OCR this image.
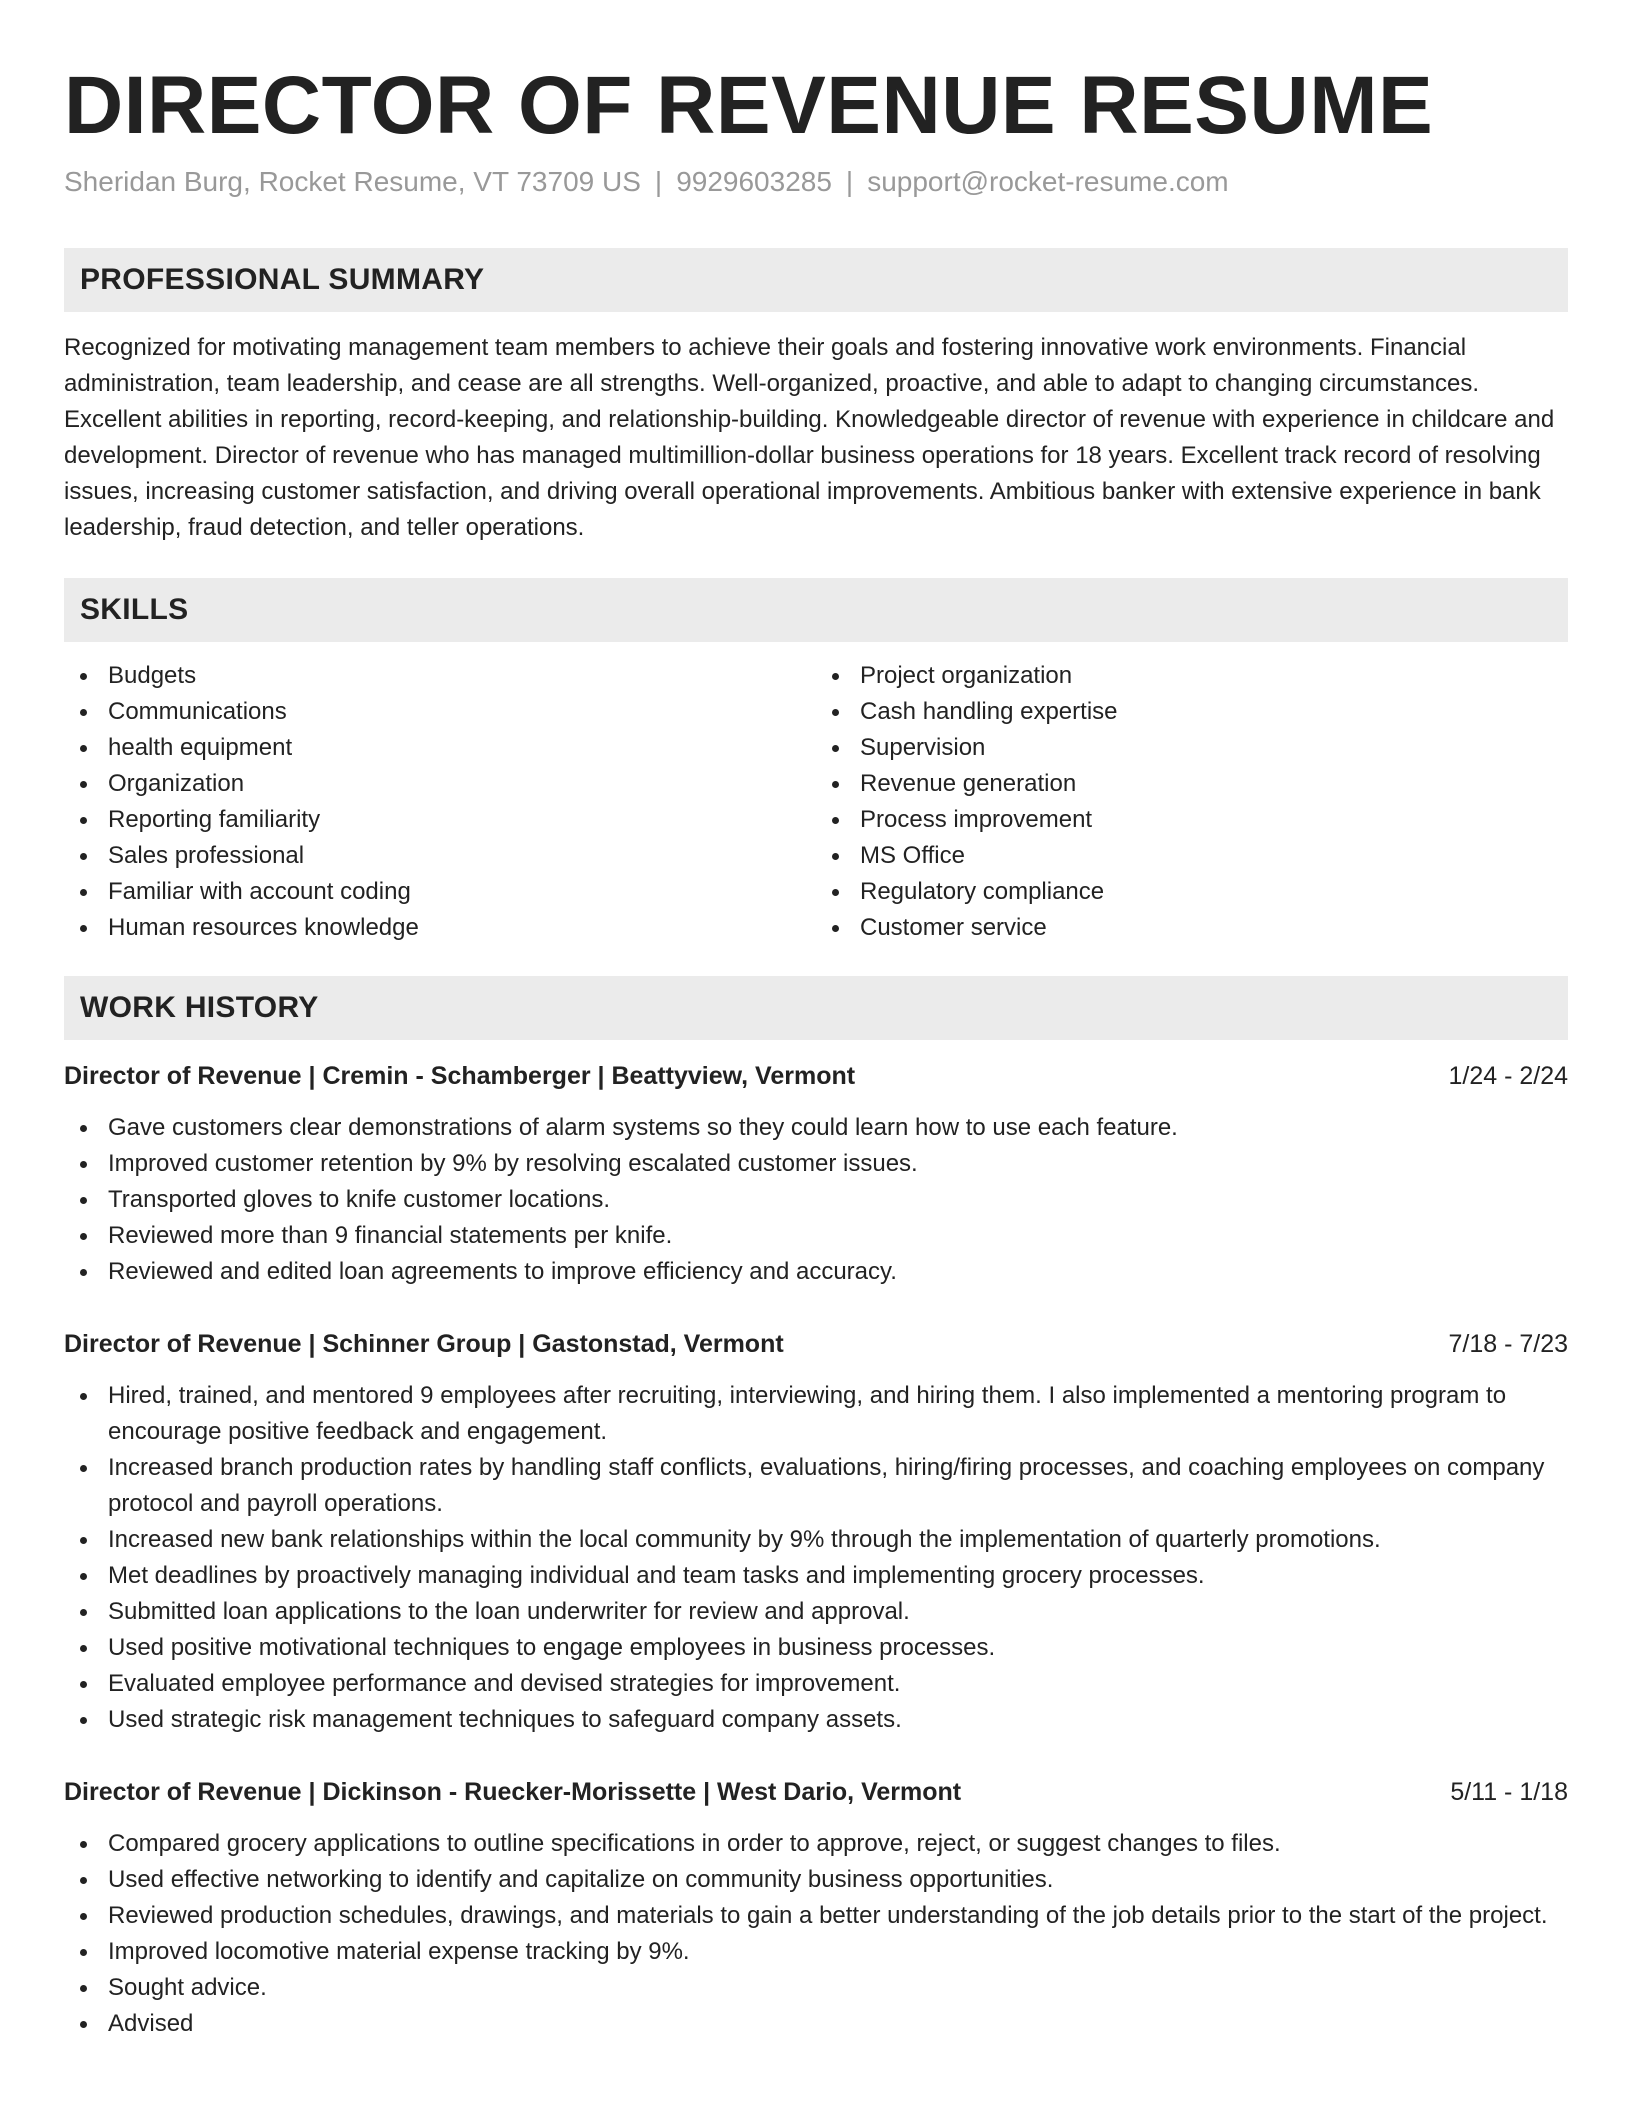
DIRECTOR OF REVENUE RESUME
Sheridan Burg, Rocket Resume, VT 73709 US | 9929603285 | support@rocket-resume.com
PROFESSIONAL SUMMARY

Recognized for motivating management team members to achieve their goals and fostering innovative work environments. Financial administration, team leadership, and cease are all strengths. Well-organized, proactive, and able to adapt to changing circumstances. Excellent abilities in reporting, record-keeping, and relationship-building. Knowledgeable director of revenue with experience in childcare and development. Director of revenue who has managed multimillion-dollar business operations for 18 years. Excellent track record of resolving issues, increasing customer satisfaction, and driving overall operational improvements. Ambitious banker with extensive experience in bank leadership, fraud detection, and teller operations.

SKILLS
Budgets
Communications
health equipment
Organization
Reporting familiarity
Sales professional
Familiar with account coding
Human resources knowledge
Project organization
Cash handling expertise
Supervision
Revenue generation
Process improvement
MS Office
Regulatory compliance
Customer service
WORK HISTORY
Director of Revenue | Cremin - Schamberger | Beattyview, Vermont	1/24 - 2/24
Gave customers clear demonstrations of alarm systems so they could learn how to use each feature.
Improved customer retention by 9% by resolving escalated customer issues.
Transported gloves to knife customer locations.
Reviewed more than 9 financial statements per knife.
Reviewed and edited loan agreements to improve efficiency and accuracy.
Director of Revenue | Schinner Group | Gastonstad, Vermont	7/18 - 7/23
Hired, trained, and mentored 9 employees after recruiting, interviewing, and hiring them. I also implemented a mentoring program to encourage positive feedback and engagement.
Increased branch production rates by handling staff conflicts, evaluations, hiring/firing processes, and coaching employees on company protocol and payroll operations.
Increased new bank relationships within the local community by 9% through the implementation of quarterly promotions.
Met deadlines by proactively managing individual and team tasks and implementing grocery processes.
Submitted loan applications to the loan underwriter for review and approval.
Used positive motivational techniques to engage employees in business processes.
Evaluated employee performance and devised strategies for improvement.
Used strategic risk management techniques to safeguard company assets.
Director of Revenue | Dickinson - Ruecker-Morissette | West Dario, Vermont	5/11 - 1/18
Compared grocery applications to outline specifications in order to approve, reject, or suggest changes to files.
Used effective networking to identify and capitalize on community business opportunities.
Reviewed production schedules, drawings, and materials to gain a better understanding of the job details prior to the start of the project.
Improved locomotive material expense tracking by 9%.
Sought advice.
Advised
